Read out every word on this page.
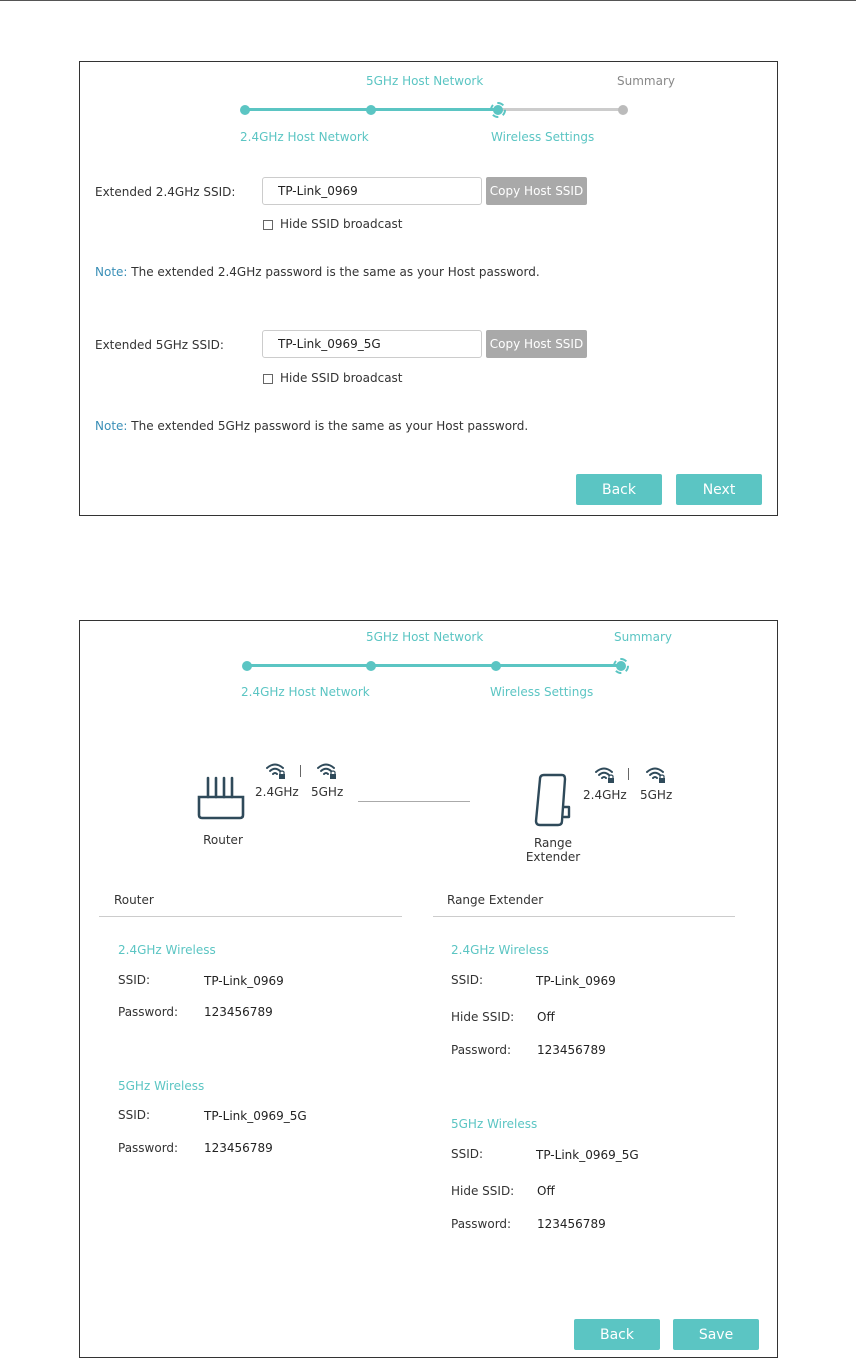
5GHz Host Network	Summary
2.4GHz Host Network	Wireless Settings
Extended 2.4GHz SSID:
TP-Link_0969	Copy Host SSID
Hide SSID broadcast
Note: The extended 2.4GHz password is the same as your Host password.
Extended 5GHz SSID:
TP-Link_0969_5G	Copy Host SSID
Hide SSID broadcast
Note: The extended 5GHz password is the same as your Host password.
Back	Next
5GHz Host Network	Summary
2.4GHz Host Network	Wireless Settings
2.4GHz 5GHz
Router
2.4GHz 5GHz
Range Extender
Router
2.4GHz Wireless
SSID:	TP-Link_0969
Password: 123456789
5GHz Wireless
SSID:	TP-Link_0969_5G
Password: 123456789
Range Extender
2.4GHz Wireless
SSID:	TP-Link_0969
Hide SSID: Off
Password: 123456789
5GHz Wireless
SSID:	TP-Link_0969_5G
Hide SSID: Off
Password: 123456789
Back	Save
